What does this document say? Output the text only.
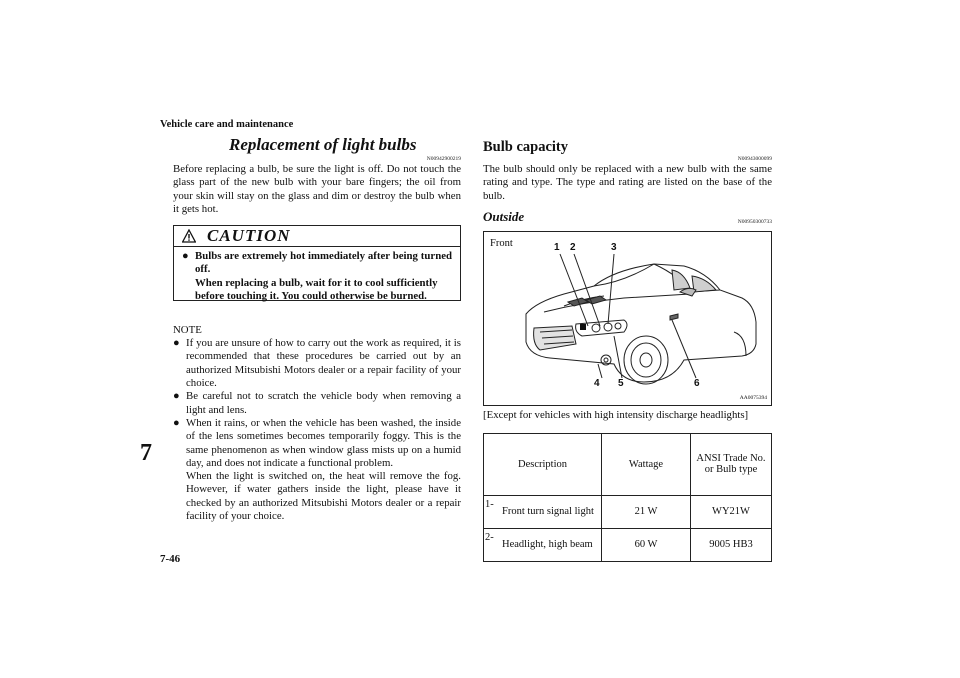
Vehicle care and maintenance
7
7-46
Replacement of light bulbs
N00942900219
Before replacing a bulb, be sure the light is off. Do not touch the glass part of the new bulb with your bare fingers; the oil from your skin will stay on the glass and dim or destroy the bulb when it gets hot.
CAUTION
● Bulbs are extremely hot immediately after being turned off.

When replacing a bulb, wait for it to cool sufficiently before touching it. You could otherwise be burned.

NOTE
● If you are unsure of how to carry out the work as required, it is recommended that these procedures be carried out by an authorized Mitsubishi Motors dealer or a repair facility of your choice.
● Be careful not to scratch the vehicle body when removing a light and lens.
● When it rains, or when the vehicle has been washed, the inside of the lens sometimes becomes temporarily foggy. This is the same phenomenon as when window glass mists up on a humid day, and does not indicate a functional problem.

When the light is switched on, the heat will remove the fog. However, if water gathers inside the light, please have it checked by an authorized Mitsubishi Motors dealer or a repair facility of your choice.

Bulb capacity
N00943000099
The bulb should only be replaced with a new bulb with the same rating and type. The type and rating are listed on the base of the bulb.
Outside	N00950300733
Front	1 2	3
4 5	6
AA0075394
[Except for vehicles with high intensity discharge headlights]
Description		Wattage	ANSI Trade No. or Bulb type
1-	Front turn signal light	21 W	WY21W
2-	Headlight, high beam	60 W	9005 HB3
